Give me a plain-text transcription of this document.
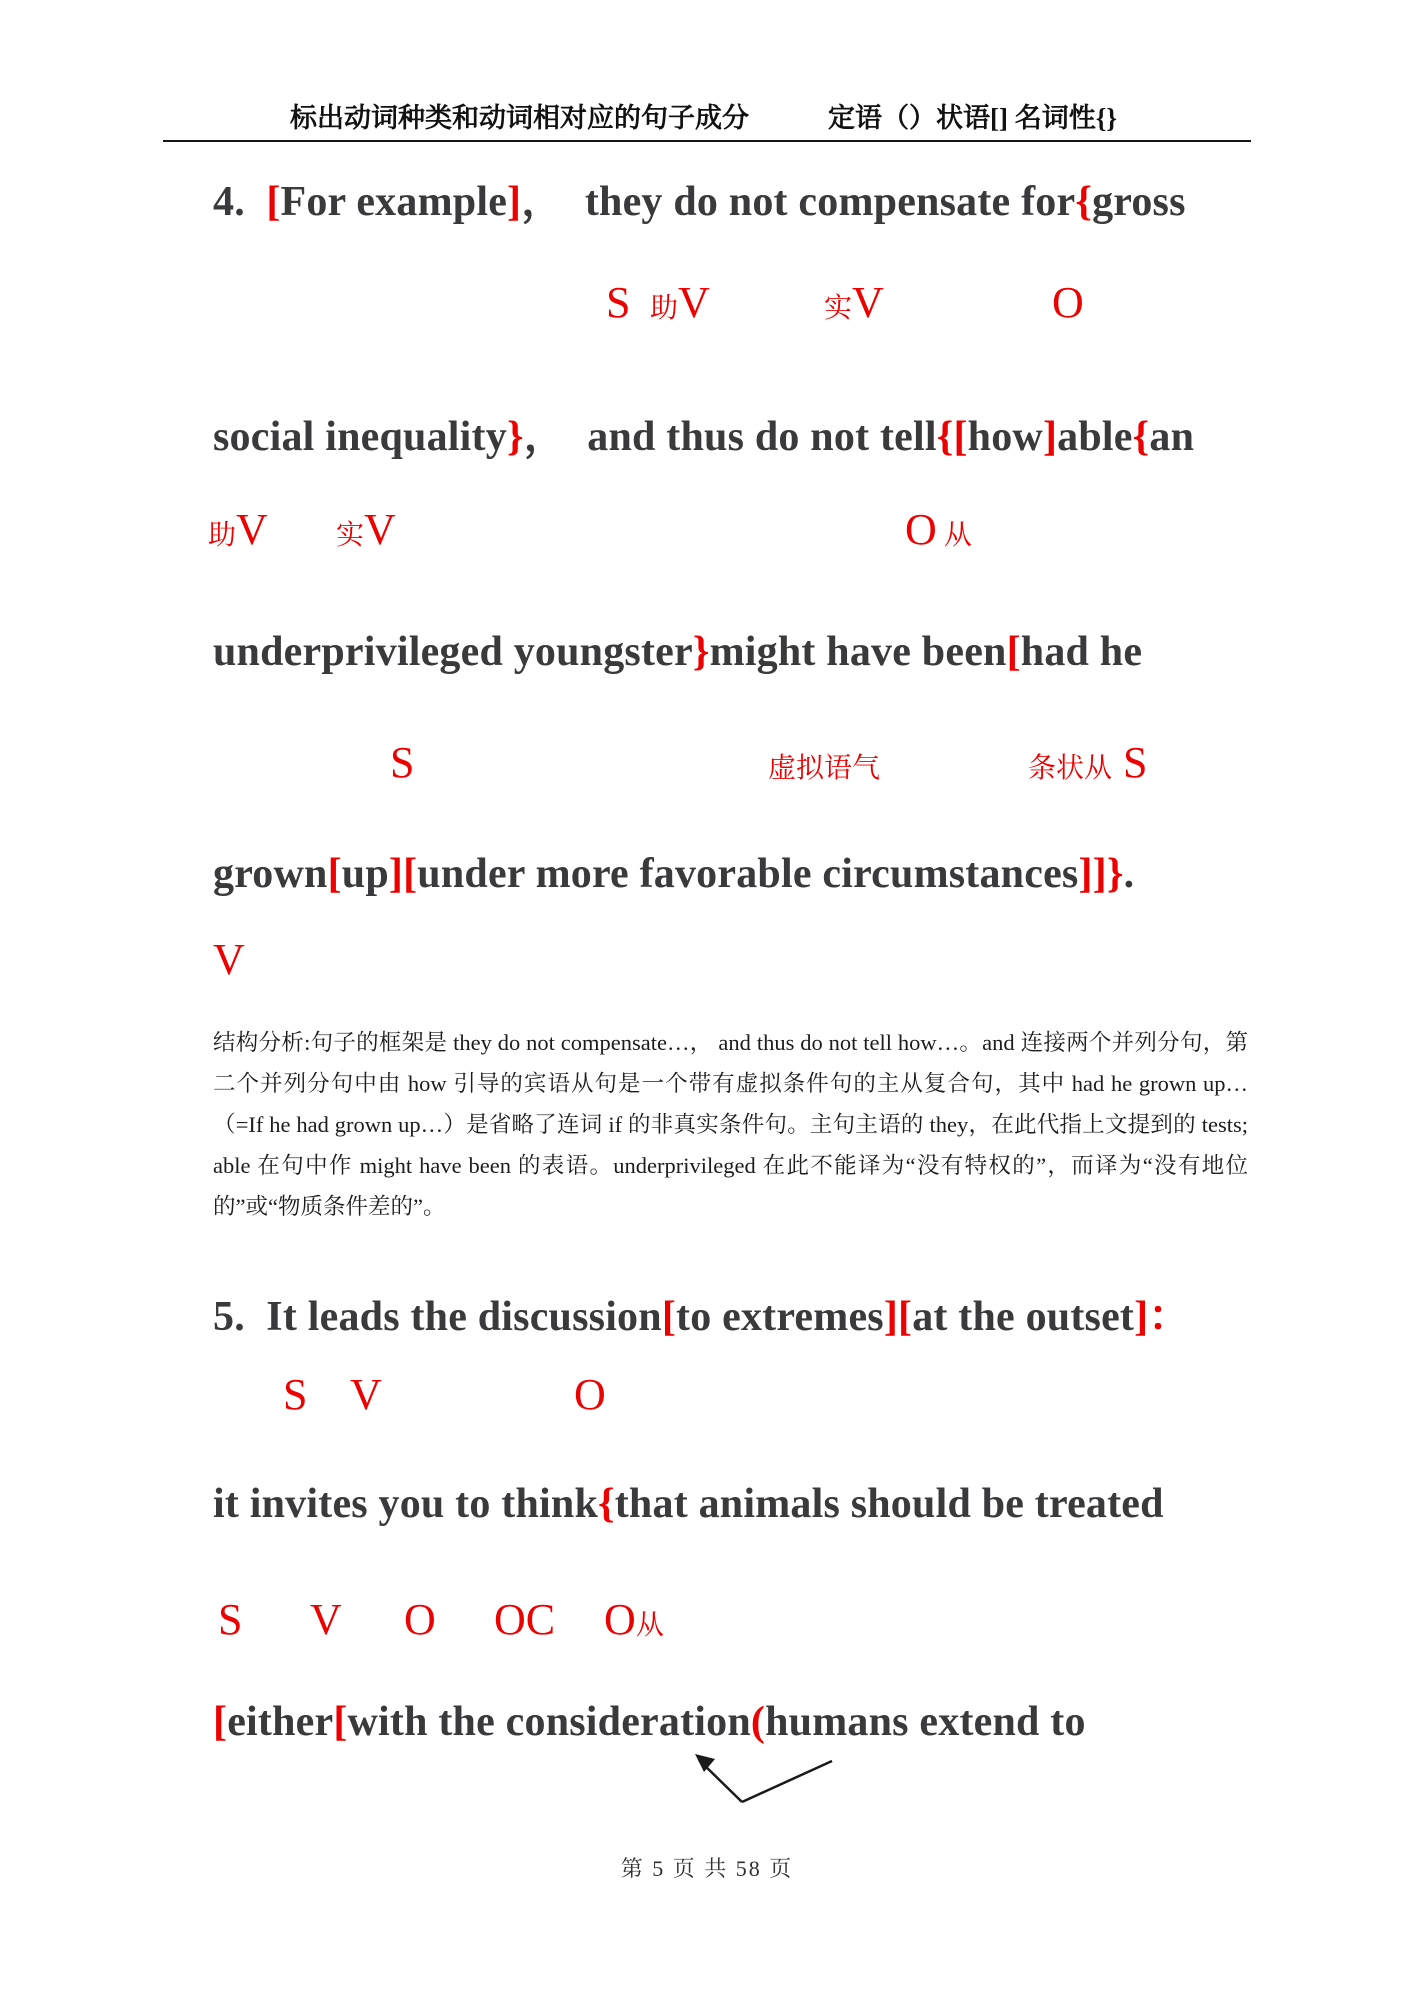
标出动词种类和动词相对应的句子成分	定语（）状语[] 名词性{}
4.  [For example]，  they do not compensate for{gross
S 助V	实V	O
social inequality}，  and thus do not tell{[how]able{an
助V 实V	O 从
underprivileged youngster}might have been[had he
S	虚拟语气	条状从 S
grown[up][under more favorable circumstances]]}.
V
结构分析:句子的框架是 they do not compensate…， and thus do not tell how…。and 连接两个并列分句，第二个并列分句中由 how 引导的宾语从句是一个带有虚拟条件句的主从复合句，其中 had he grown up…（=If he had grown up…）是省略了连词 if 的非真实条件句。主句主语的 they，在此代指上文提到的 tests; able 在句中作 might have been 的表语。underprivileged 在此不能译为“没有特权的”，而译为“没有地位的”或“物质条件差的”。
5.  It leads the discussion[to extremes][at the outset]：
S V	O
it invites you to think{that animals should be treated
S V O OC O从
[either[with the consideration(humans extend to
第 5 页 共 58 页
